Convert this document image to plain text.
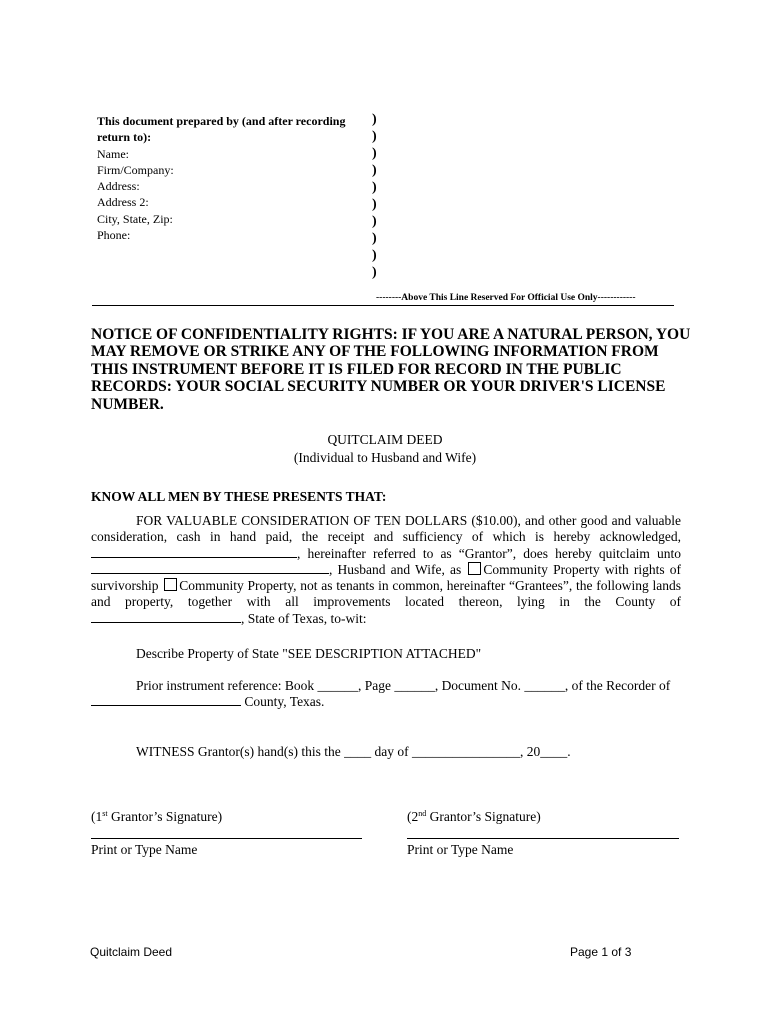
This document prepared by (and after recording
return to):
Name:
Firm/Company:
Address:
Address 2:
City, State, Zip:
Phone:
)
)
)
)
)
)
)
)
)
)
--------Above This Line Reserved For Official Use Only------------
NOTICE OF CONFIDENTIALITY RIGHTS: IF YOU ARE A NATURAL PERSON, YOU MAY REMOVE OR STRIKE ANY OF THE FOLLOWING INFORMATION FROM THIS INSTRUMENT BEFORE IT IS FILED FOR RECORD IN THE PUBLIC RECORDS: YOUR SOCIAL SECURITY NUMBER OR YOUR DRIVER'S LICENSE NUMBER.
QUITCLAIM DEED
(Individual to Husband and Wife)
KNOW ALL MEN BY THESE PRESENTS THAT:

FOR VALUABLE CONSIDERATION OF TEN DOLLARS ($10.00), and other good and valuable consideration, cash in hand paid, the receipt and sufficiency of which is hereby acknowledged, , hereinafter referred to as “Grantor”, does hereby quitclaim unto , Husband and Wife, as Community Property with rights of survivorship Community Property, not as tenants in common, hereinafter “Grantees”, the following lands and property, together with all improvements located thereon, lying in the County of , State of Texas, to-wit:

Describe Property of State "SEE DESCRIPTION ATTACHED"
Prior instrument reference: Book ______, Page ______, Document No. ______, of the Recorder of
County, Texas.
WITNESS Grantor(s) hand(s) this the ____ day of ________________, 20____.
(1st Grantor’s Signature)	(2nd Grantor’s Signature)
Print or Type Name	Print or Type Name
Quitclaim Deed	Page 1 of 3
